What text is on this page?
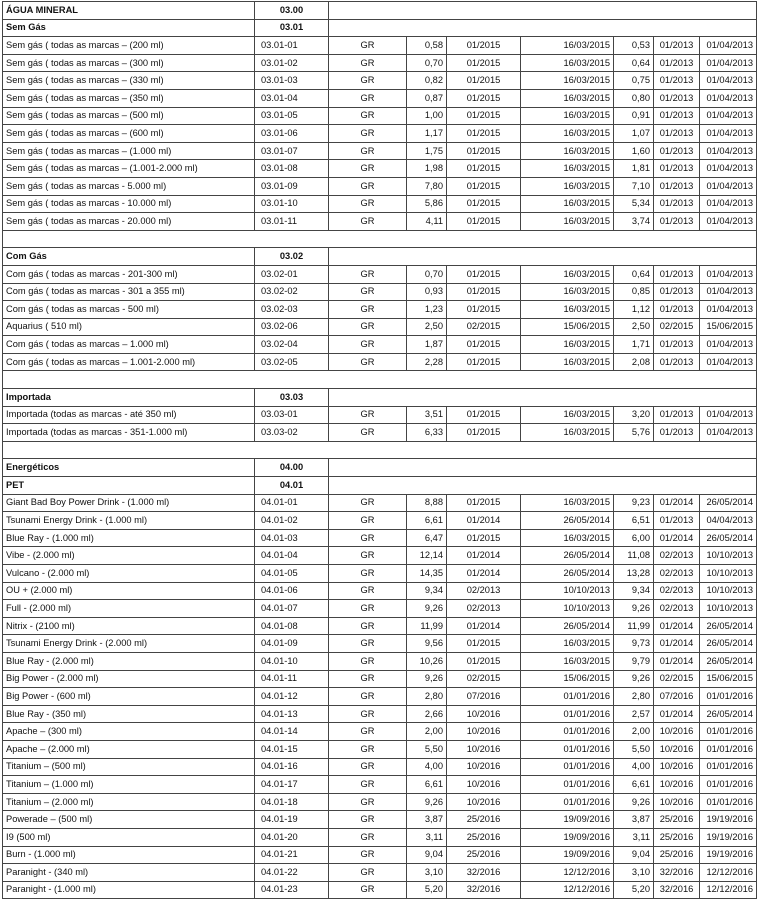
ÁGUA MINERAL	03.00							
Sem Gás	03.01							
Sem gás ( todas as marcas – (200 ml)	03.01-01	GR	0,58	01/2015	16/03/2015	0,53	01/2013	01/04/2013
Sem gás ( todas as marcas – (300 ml)	03.01-02	GR	0,70	01/2015	16/03/2015	0,64	01/2013	01/04/2013
Sem gás ( todas as marcas – (330 ml)	03.01-03	GR	0,82	01/2015	16/03/2015	0,75	01/2013	01/04/2013
Sem gás ( todas as marcas – (350 ml)	03.01-04	GR	0,87	01/2015	16/03/2015	0,80	01/2013	01/04/2013
Sem gás ( todas as marcas – (500 ml)	03.01-05	GR	1,00	01/2015	16/03/2015	0,91	01/2013	01/04/2013
Sem gás ( todas as marcas – (600 ml)	03.01-06	GR	1,17	01/2015	16/03/2015	1,07	01/2013	01/04/2013
Sem gás ( todas as marcas – (1.000 ml)	03.01-07	GR	1,75	01/2015	16/03/2015	1,60	01/2013	01/04/2013
Sem gás ( todas as marcas – (1.001-2.000 ml)	03.01-08	GR	1,98	01/2015	16/03/2015	1,81	01/2013	01/04/2013
Sem gás ( todas as marcas - 5.000 ml)	03.01-09	GR	7,80	01/2015	16/03/2015	7,10	01/2013	01/04/2013
Sem gás ( todas as marcas - 10.000 ml)	03.01-10	GR	5,86	01/2015	16/03/2015	5,34	01/2013	01/04/2013
Sem gás ( todas as marcas - 20.000 ml)	03.01-11	GR	4,11	01/2015	16/03/2015	3,74	01/2013	01/04/2013

Com Gás	03.02							
Com gás ( todas as marcas - 201-300 ml)	03.02-01	GR	0,70	01/2015	16/03/2015	0,64	01/2013	01/04/2013
Com gás ( todas as marcas - 301 a 355 ml)	03.02-02	GR	0,93	01/2015	16/03/2015	0,85	01/2013	01/04/2013
Com gás ( todas as marcas - 500 ml)	03.02-03	GR	1,23	01/2015	16/03/2015	1,12	01/2013	01/04/2013
Aquarius ( 510 ml)	03.02-06	GR	2,50	02/2015	15/06/2015	2,50	02/2015	15/06/2015
Com gás ( todas as marcas – 1.000 ml)	03.02-04	GR	1,87	01/2015	16/03/2015	1,71	01/2013	01/04/2013
Com gás ( todas as marcas – 1.001-2.000 ml)	03.02-05	GR	2,28	01/2015	16/03/2015	2,08	01/2013	01/04/2013

Importada	03.03							
Importada (todas as marcas - até 350 ml)	03.03-01	GR	3,51	01/2015	16/03/2015	3,20	01/2013	01/04/2013
Importada (todas as marcas - 351-1.000 ml)	03.03-02	GR	6,33	01/2015	16/03/2015	5,76	01/2013	01/04/2013

Energéticos	04.00							
PET	04.01							
Giant Bad Boy Power Drink - (1.000 ml)	04.01-01	GR	8,88	01/2015	16/03/2015	9,23	01/2014	26/05/2014
Tsunami Energy Drink - (1.000 ml)	04.01-02	GR	6,61	01/2014	26/05/2014	6,51	01/2013	04/04/2013
Blue Ray - (1.000 ml)	04.01-03	GR	6,47	01/2015	16/03/2015	6,00	01/2014	26/05/2014
Vibe - (2.000 ml)	04.01-04	GR	12,14	01/2014	26/05/2014	11,08	02/2013	10/10/2013
Vulcano - (2.000 ml)	04.01-05	GR	14,35	01/2014	26/05/2014	13,28	02/2013	10/10/2013
OU + (2.000 ml)	04.01-06	GR	9,34	02/2013	10/10/2013	9,34	02/2013	10/10/2013
Full - (2.000 ml)	04.01-07	GR	9,26	02/2013	10/10/2013	9,26	02/2013	10/10/2013
Nitrix - (2100 ml)	04.01-08	GR	11,99	01/2014	26/05/2014	11,99	01/2014	26/05/2014
Tsunami Energy Drink - (2.000 ml)	04.01-09	GR	9,56	01/2015	16/03/2015	9,73	01/2014	26/05/2014
Blue Ray - (2.000 ml)	04.01-10	GR	10,26	01/2015	16/03/2015	9,79	01/2014	26/05/2014
Big Power - (2.000 ml)	04.01-11	GR	9,26	02/2015	15/06/2015	9,26	02/2015	15/06/2015
Big Power - (600 ml)	04.01-12	GR	2,80	07/2016	01/01/2016	2,80	07/2016	01/01/2016
Blue Ray - (350 ml)	04.01-13	GR	2,66	10/2016	01/01/2016	2,57	01/2014	26/05/2014
Apache – (300 ml)	04.01-14	GR	2,00	10/2016	01/01/2016	2,00	10/2016	01/01/2016
Apache – (2.000 ml)	04.01-15	GR	5,50	10/2016	01/01/2016	5,50	10/2016	01/01/2016
Titanium – (500 ml)	04.01-16	GR	4,00	10/2016	01/01/2016	4,00	10/2016	01/01/2016
Titanium – (1.000 ml)	04.01-17	GR	6,61	10/2016	01/01/2016	6,61	10/2016	01/01/2016
Titanium – (2.000 ml)	04.01-18	GR	9,26	10/2016	01/01/2016	9,26	10/2016	01/01/2016
Powerade – (500 ml)	04.01-19	GR	3,87	25/2016	19/09/2016	3,87	25/2016	19/19/2016
I9 (500 ml)	04.01-20	GR	3,11	25/2016	19/09/2016	3,11	25/2016	19/19/2016
Burn - (1.000 ml)	04.01-21	GR	9,04	25/2016	19/09/2016	9,04	25/2016	19/19/2016
Paranight - (340 ml)	04.01-22	GR	3,10	32/2016	12/12/2016	3,10	32/2016	12/12/2016
Paranight - (1.000 ml)	04.01-23	GR	5,20	32/2016	12/12/2016	5,20	32/2016	12/12/2016
